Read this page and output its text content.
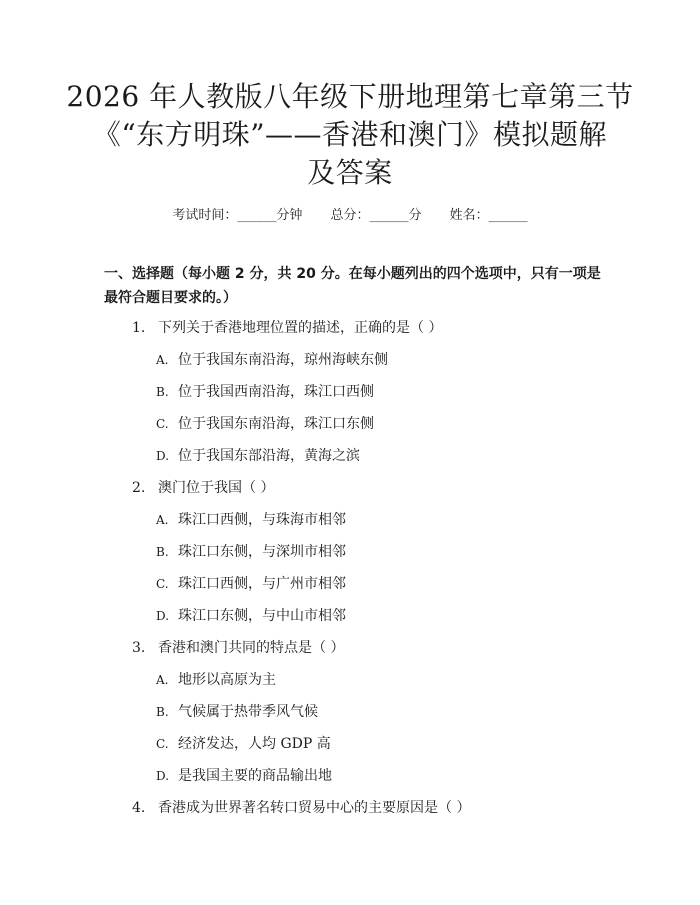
2026 年人教版八年级下册地理第七章第三节
《“东方明珠”——香港和澳门》模拟题解
及答案
考试时间：______分钟 总分：______分 姓名：______
一、选择题（每小题 2 分，共 20 分。在每小题列出的四个选项中，只有一项是最符合题目要求的。）
1. 下列关于香港地理位置的描述，正确的是（ ）
A. 位于我国东南沿海，琼州海峡东侧
B. 位于我国西南沿海，珠江口西侧
C. 位于我国东南沿海，珠江口东侧
D. 位于我国东部沿海，黄海之滨
2. 澳门位于我国（ ）
A. 珠江口西侧，与珠海市相邻
B. 珠江口东侧，与深圳市相邻
C. 珠江口西侧，与广州市相邻
D. 珠江口东侧，与中山市相邻
3. 香港和澳门共同的特点是（ ）
A. 地形以高原为主
B. 气候属于热带季风气候
C. 经济发达，人均 GDP 高
D. 是我国主要的商品输出地
4. 香港成为世界著名转口贸易中心的主要原因是（ ）
